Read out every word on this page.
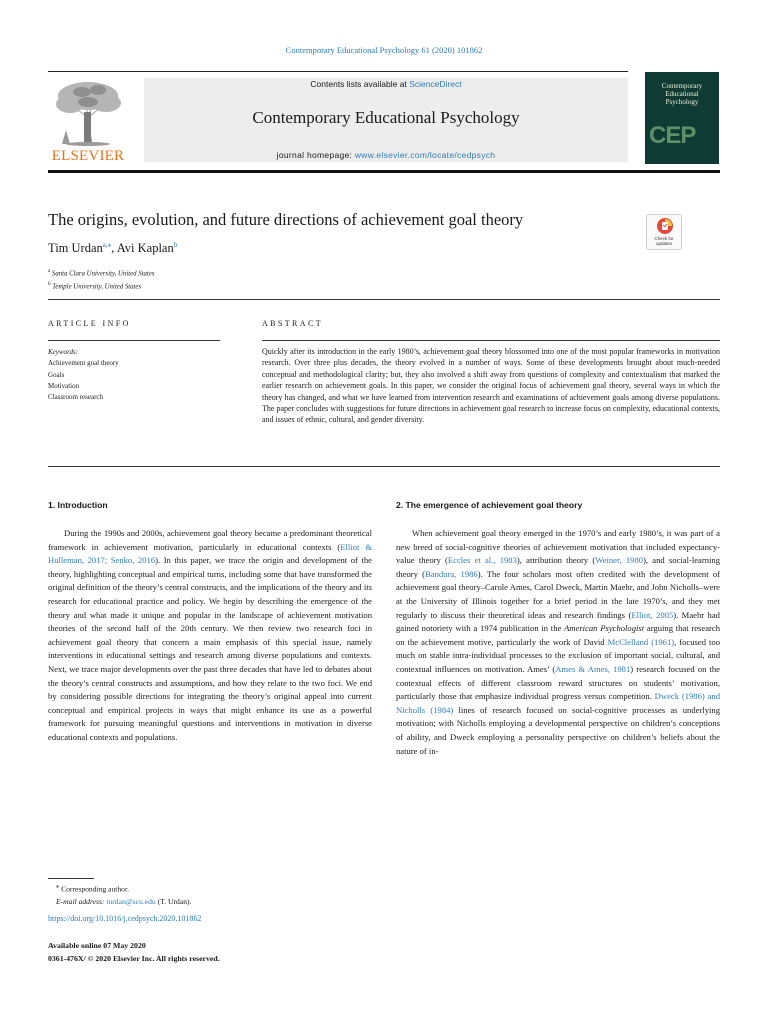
Contemporary Educational Psychology 61 (2020) 101862
ELSEVIER
Contents lists available at ScienceDirect
Contemporary Educational Psychology
journal homepage: www.elsevier.com/locate/cedpsych
Contemporary
Educational
Psychology
CEP
The origins, evolution, and future directions of achievement goal theory
Check for
updates
Tim Urdan$^{a,⁎}$, Avi Kaplan$^b$
$^a$ Santa Clara University, United States
$^b$ Temple University, United States
ARTICLE INFO
Keywords:
Achievement goal theory
Goals
Motivation
Classroom research
ABSTRACT
Quickly after its introduction in the early 1980’s, achievement goal theory blossomed into one of the most popular frameworks in motivation research. Over three plus decades, the theory evolved in a number of ways. Some of these developments brought about much-needed conceptual and methodological clarity; but, they also involved a shift away from questions of complexity and contextualism that marked the earlier research on achievement goals. In this paper, we consider the original focus of achievement goal theory, several ways in which the theory has changed, and what we have learned from intervention research and examinations of achievement goals among diverse populations. The paper concludes with suggestions for future directions in achievement goal research to increase focus on complexity, educational contexts, and issues of ethnic, cultural, and gender diversity.
1. Introduction	2. The emergence of achievement goal theory

During the 1990s and 2000s, achievement goal theory became a predominant theoretical framework in achievement motivation, particularly in educational contexts (Elliot & Hulleman, 2017; Senko, 2016). In this paper, we trace the origin and development of the theory, highlighting conceptual and empirical turns, including some that have transformed the original definition of the theory’s central constructs, and the implications of the theory and its research for educational practice and policy. We begin by describing the emergence of the theory and what made it unique and popular in the landscape of achievement motivation theories of the second half of the 20th century. We then review two research foci in achievement goal theory that concern a main emphasis of this special issue, namely interventions in educational settings and research among diverse populations and contexts. Next, we trace major developments over the past three decades that have led to debates about the theory’s central constructs and assumptions, and how they relate to the two foci. We end by considering possible directions for integrating the theory’s original appeal into current conceptual and empirical projects in ways that might enhance its use as a powerful framework for pursuing meaningful questions and interventions in motivation in diverse educational contexts and populations.

When achievement goal theory emerged in the 1970’s and early 1980’s, it was part of a new breed of social-cognitive theories of achievement motivation that included expectancy-value theory (Eccles et al., 1983), attribution theory (Weiner, 1980), and social-learning theory (Bandura, 1986). The four scholars most often credited with the development of achievement goal theory–Carole Ames, Carol Dweck, Martin Maehr, and John Nicholls–were at the University of Illinois together for a brief period in the late 1970’s, and they met regularly to discuss their theoretical ideas and research findings (Elliot, 2005). Maehr had gained notoriety with a 1974 publication in the American Psychologist arguing that research on the achievement motive, particularly the work of David McClelland (1961), focused too much on stable intra-individual processes to the exclusion of important social, cultural, and contextual influences on motivation. Ames’ (Ames & Ames, 1981) research focused on the contextual effects of different classroom reward structures on students’ motivation, particularly those that emphasize individual progress versus competition. Dweck (1986) and Nicholls (1984) lines of research focused on social-cognitive processes as underlying motivation; with Nicholls employing a developmental perspective on children’s conceptions of ability, and Dweck employing a personality perspective on children’s beliefs about the nature of in-

⁎ Corresponding author.
E-mail address: turdan@scu.edu (T. Urdan).
https://doi.org/10.1016/j.cedpsych.2020.101862
Available online 07 May 2020
0361-476X/ © 2020 Elsevier Inc. All rights reserved.
